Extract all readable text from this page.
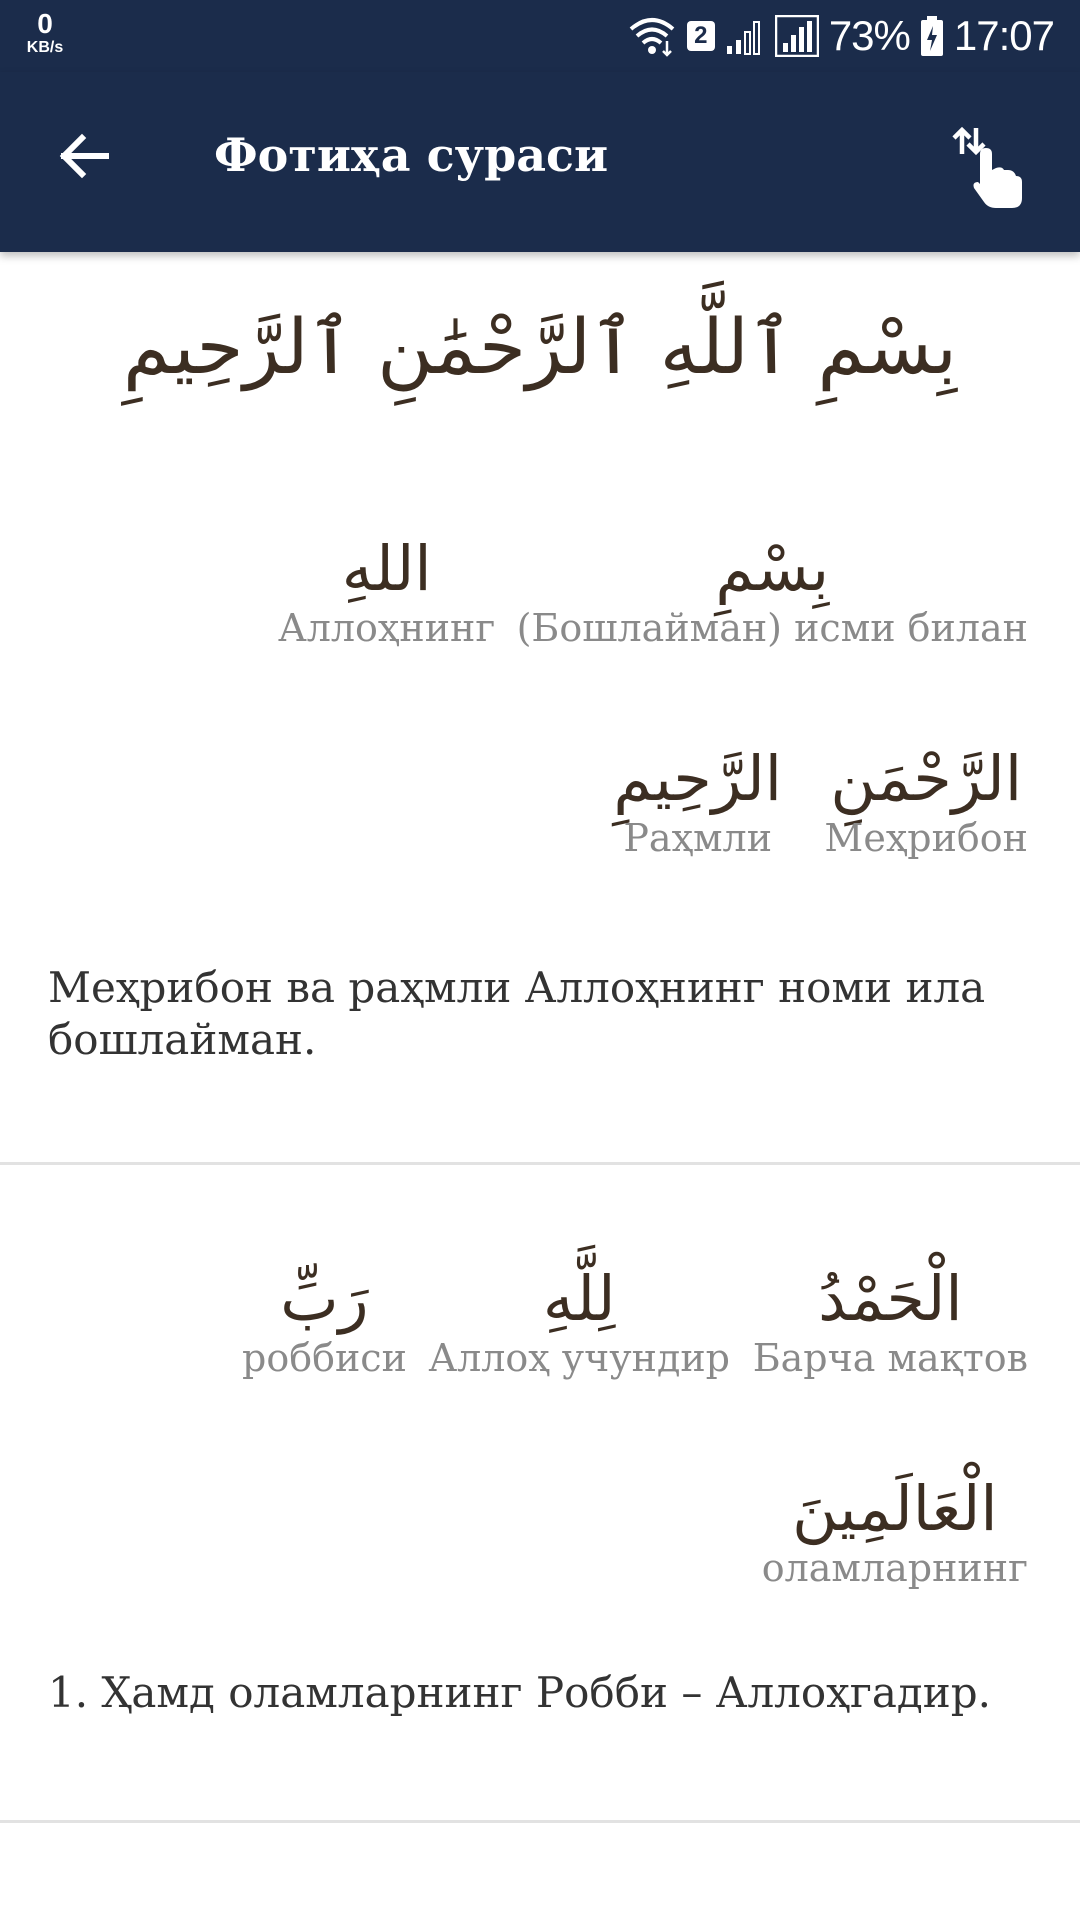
0
KB/s	2	73% 17:07
Фотиҳа сураси
بِسْمِ ٱللَّهِ ٱلرَّحْمَٰنِ ٱلرَّحِيمِ
بِسْمِ
(Бошлайман) исми билан
اللهِ
Аллоҳнинг
الرَّحْمَنِ
Меҳрибон
الرَّحِيمِ
Раҳмли
Меҳрибон ва раҳмли Аллоҳнинг номи ила бошлайман.
الْحَمْدُ
Барча мақтов
لِلَّهِ
Аллоҳ учундир
رَبِّ
роббиси
الْعَالَمِينَ
оламларнинг
1. Ҳамд оламларнинг Робби – Аллоҳгадир.
